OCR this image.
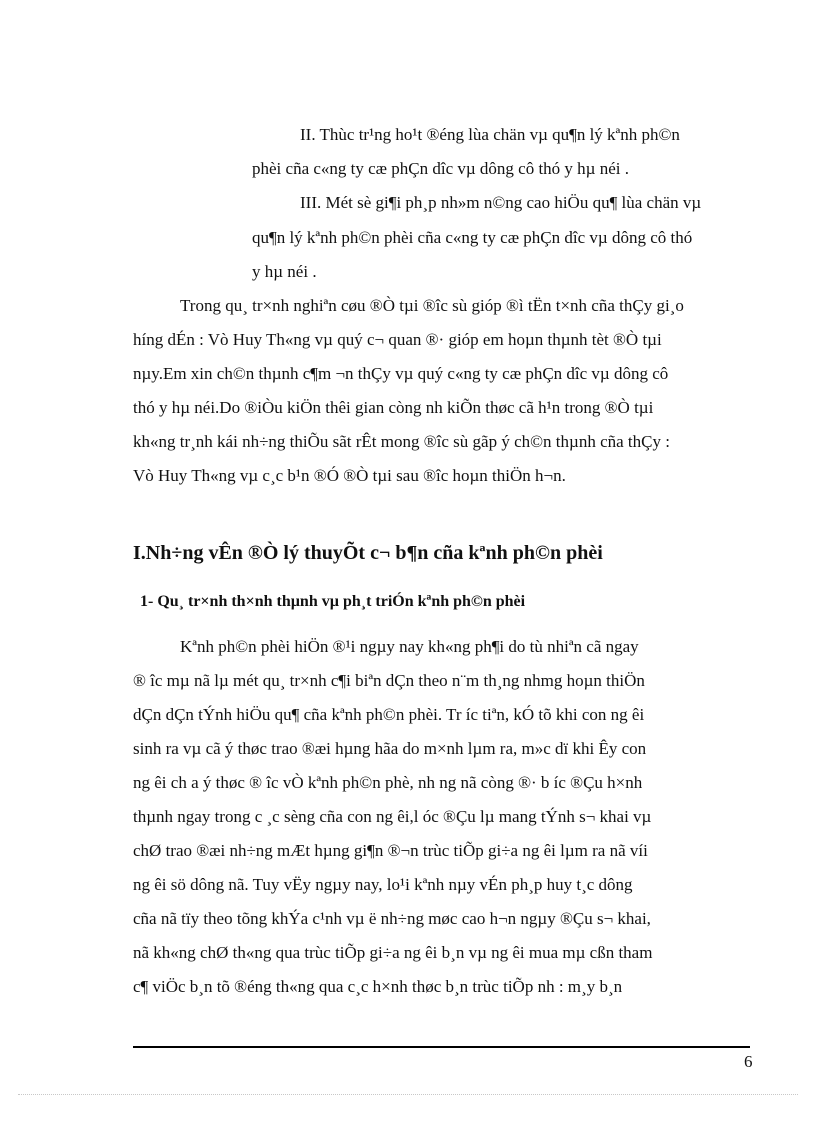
II. Thùc tr¹ng ho¹t ®éng lùa chän vµ qu¶n lý kªnh ph©n
phèi cña c«ng ty cæ phÇn dîc vµ dông cô thó y hµ néi .
III. Mét sè gi¶i ph¸p nh»m n©ng cao hiÖu qu¶ lùa chän vµ
qu¶n lý kªnh ph©n phèi cña c«ng ty cæ phÇn dîc vµ dông cô thó
y hµ néi .
Trong qu¸ tr×nh nghiªn cøu ®Ò tµi ®îc sù gióp ®ì tËn t×nh cña thÇy gi¸o
híng dÉn : Vò Huy Th«ng vµ quý c¬ quan ®· gióp em hoµn thµnh tèt ®Ò tµi
nµy.Em xin ch©n thµnh c¶m ¬n thÇy vµ quý c«ng ty cæ phÇn dîc vµ dông cô
thó y hµ néi.Do ®iÒu kiÖn thêi gian còng nh kiÕn thøc cã h¹n trong ®Ò tµi
kh«ng tr¸nh kái nh÷ng thiÕu sãt rÊt mong ®îc sù gãp ý ch©n thµnh cña thÇy :
Vò Huy Th«ng vµ c¸c b¹n ®Ó ®Ò tµi sau ®îc hoµn thiÖn h¬n.
I.Nh÷ng vÊn ®Ò lý thuyÕt c¬ b¶n cña kªnh ph©n phèi
1- Qu¸ tr×nh th×nh thµnh vµ ph¸t triÓn kªnh ph©n phèi
Kªnh ph©n phèi hiÖn ®¹i ngµy nay kh«ng ph¶i do tù nhiªn cã ngay
® îc mµ nã lµ mét qu¸ tr×nh c¶i biªn dÇn theo n¨m th¸ng nhmg hoµn thiÖn
dÇn dÇn tÝnh hiÖu qu¶ cña kªnh ph©n phèi. Tr íc tiªn, kÓ tõ khi con ng êi
sinh ra vµ cã ý thøc trao ®æi hµng hãa do m×nh lµm ra, m»c dï khi Êy con
ng êi ch a ý thøc ® îc vÒ kªnh ph©n phè, nh ng nã còng ®· b íc ®Çu h×nh
thµnh ngay trong c ¸c sèng cña con ng êi,l óc ®Çu lµ mang tÝnh s¬ khai vµ
chØ trao ®æi nh÷ng mÆt hµng gi¶n ®¬n trùc tiÕp gi÷a ng êi lµm ra nã víi
ng êi sö dông nã. Tuy vËy ngµy nay, lo¹i kªnh nµy vÉn ph¸p huy t¸c dông
cña nã tïy theo tõng khÝa c¹nh vµ ë nh÷ng møc cao h¬n ngµy ®Çu s¬ khai,
nã kh«ng chØ th«ng qua trùc tiÕp gi÷a ng êi b¸n vµ ng êi mua mµ cßn tham
c¶ viÖc b¸n tõ ®éng th«ng qua c¸c h×nh thøc b¸n trùc tiÕp nh : m¸y b¸n
6
